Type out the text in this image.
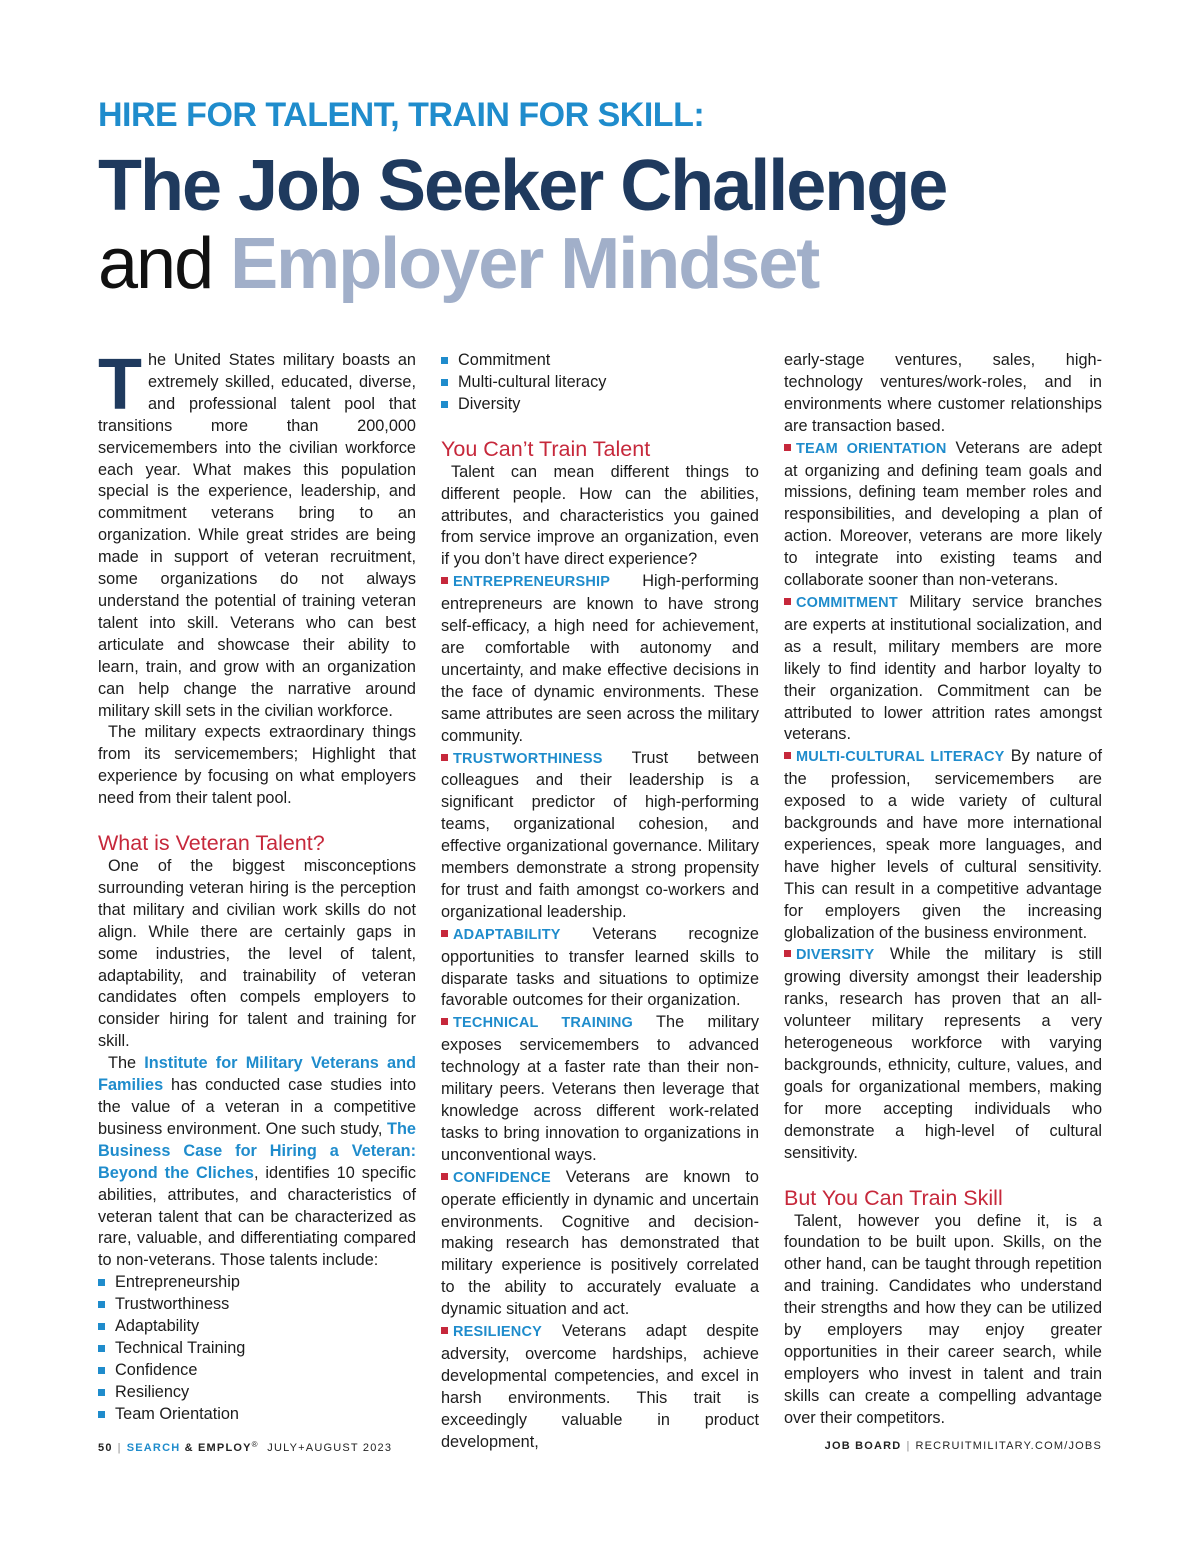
HIRE FOR TALENT, TRAIN FOR SKILL:
The Job Seeker Challenge
and Employer Mindset

The United States military boasts an extremely skilled, educated, diverse, and professional talent pool that transitions more than 200,000 servicemembers into the civilian workforce each year. What makes this population special is the experience, leadership, and commitment veterans bring to an organization. While great strides are being made in support of veteran recruitment, some organizations do not always understand the potential of training veteran talent into skill. Veterans who can best articulate and showcase their ability to learn, train, and grow with an organization can help change the narrative around military skill sets in the civilian workforce.

The military expects extraordinary things from its servicemembers; Highlight that experience by focusing on what employers need from their talent pool.

What is Veteran Talent?

One of the biggest misconceptions surrounding veteran hiring is the perception that military and civilian work skills do not align. While there are certainly gaps in some industries, the level of talent, adaptability, and trainability of veteran candidates often compels employers to consider hiring for talent and training for skill.

The Institute for Military Veterans and Families has conducted case studies into the value of a veteran in a competitive business environment. One such study, The Business Case for Hiring a Veteran: Beyond the Cliches, identifies 10 specific abilities, attributes, and characteristics of veteran talent that can be characterized as rare, valuable, and differentiating compared to non-veterans. Those talents include:

Entrepreneurship
Trustworthiness
Adaptability
Technical Training
Confidence
Resiliency
Team Orientation
Commitment
Multi-cultural literacy
Diversity
You Can’t Train Talent

Talent can mean different things to different people. How can the abilities, attributes, and characteristics you gained from service improve an organization, even if you don’t have direct experience?

ENTREPRENEURSHIP High-performing entrepreneurs are known to have strong self-efficacy, a high need for achievement, are comfortable with autonomy and uncertainty, and make effective decisions in the face of dynamic environments. These same attributes are seen across the military community.

TRUSTWORTHINESS Trust between colleagues and their leadership is a significant predictor of high-performing teams, organizational cohesion, and effective organizational governance. Military members demonstrate a strong propensity for trust and faith amongst co-workers and organizational leadership.

ADAPTABILITY Veterans recognize opportunities to transfer learned skills to disparate tasks and situations to optimize favorable outcomes for their organization.

TECHNICAL TRAINING The military exposes servicemembers to advanced technology at a faster rate than their non-military peers. Veterans then leverage that knowledge across different work-related tasks to bring innovation to organizations in unconventional ways.

CONFIDENCE Veterans are known to operate efficiently in dynamic and uncertain environments. Cognitive and decision-making research has demonstrated that military experience is positively correlated to the ability to accurately evaluate a dynamic situation and act.

RESILIENCY Veterans adapt despite adversity, overcome hardships, achieve developmental competencies, and excel in harsh environments. This trait is exceedingly valuable in product development,

early-stage ventures, sales, high-technology ventures/work-roles, and in environments where customer relationships are transaction based.

TEAM ORIENTATION Veterans are adept at organizing and defining team goals and missions, defining team member roles and responsibilities, and developing a plan of action. Moreover, veterans are more likely to integrate into existing teams and collaborate sooner than non-veterans.

COMMITMENT Military service branches are experts at institutional socialization, and as a result, military members are more likely to find identity and harbor loyalty to their organization. Commitment can be attributed to lower attrition rates amongst veterans.

MULTI-CULTURAL LITERACY By nature of the profession, servicemembers are exposed to a wide variety of cultural backgrounds and have more international experiences, speak more languages, and have higher levels of cultural sensitivity. This can result in a competitive advantage for employers given the increasing globalization of the business environment.

DIVERSITY While the military is still growing diversity amongst their leadership ranks, research has proven that an all-volunteer military represents a very heterogeneous workforce with varying backgrounds, ethnicity, culture, values, and goals for organizational members, making for more accepting individuals who demonstrate a high-level of cultural sensitivity.

But You Can Train Skill

Talent, however you define it, is a foundation to be built upon. Skills, on the other hand, can be taught through repetition and training. Candidates who understand their strengths and how they can be utilized by employers may enjoy greater opportunities in their career search, while employers who invest in talent and train skills can create a compelling advantage over their competitors.

50 | SEARCH & EMPLOY® JULY+AUGUST 2023	JOB BOARD | RECRUITMILITARY.COM/JOBS
